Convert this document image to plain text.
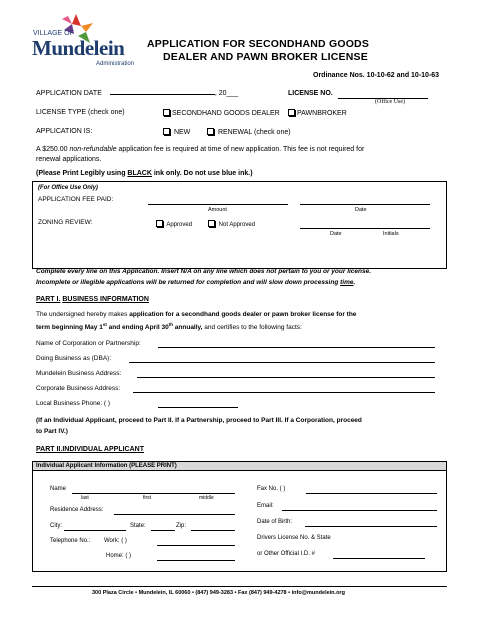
VILLAGE OF
Mundelein
Administration
APPLICATION FOR SECONDHAND GOODS
DEALER AND PAWN BROKER LICENSE
Ordinance Nos. 10-10-62 and 10-10-63
APPLICATION DATE	, 20___	LICENSE NO.
(Office Use)
LICENSE TYPE (check one)	SECONDHAND GOODS DEALER	PAWNBROKER
APPLICATION IS:	NEW	RENEWAL (check one)
A $250.00 non-refundable application fee is required at time of new application. This fee is not required for
renewal applications.
(Please Print Legibly using BLACK ink only. Do not use blue ink.)
(For Office Use Only)
APPLICATION FEE PAID:
Amount	Date
ZONING REVIEW:	Approved	Not Approved
Date	Initials
Complete every line on this Application. Insert N/A on any line which does not pertain to you or your license.
Incomplete or illegible applications will be returned for completion and will slow down processing time.
PART I. BUSINESS INFORMATION
The undersigned hereby makes application for a secondhand goods dealer or pawn broker license for the
term beginning May 1st and ending April 30th annually, and certifies to the following facts:
Name of Corporation or Partnership:
Doing Business as (DBA):
Mundelein Business Address:
Corporate Business Address:
Local Business Phone: ( )
(If an Individual Applicant, proceed to Part II. If a Partnership, proceed to Part III. If a Corporation, proceed
to Part IV.)
PART II.INDIVIDUAL APPLICANT
Individual Applicant Information (PLEASE PRINT)
Name
last	first	middle
Residence Address:
City:	State:	Zip:
Telephone No.: Work: ( )
Home: ( )
Fax No. ( )
Email:
Date of Birth:
Drivers License No. & State
or Other Official I.D. #
300 Plaza Circle • Mundelein, IL 60060 • (847) 949-3283 • Fax (847) 949-4278 • info@mundelein.org
